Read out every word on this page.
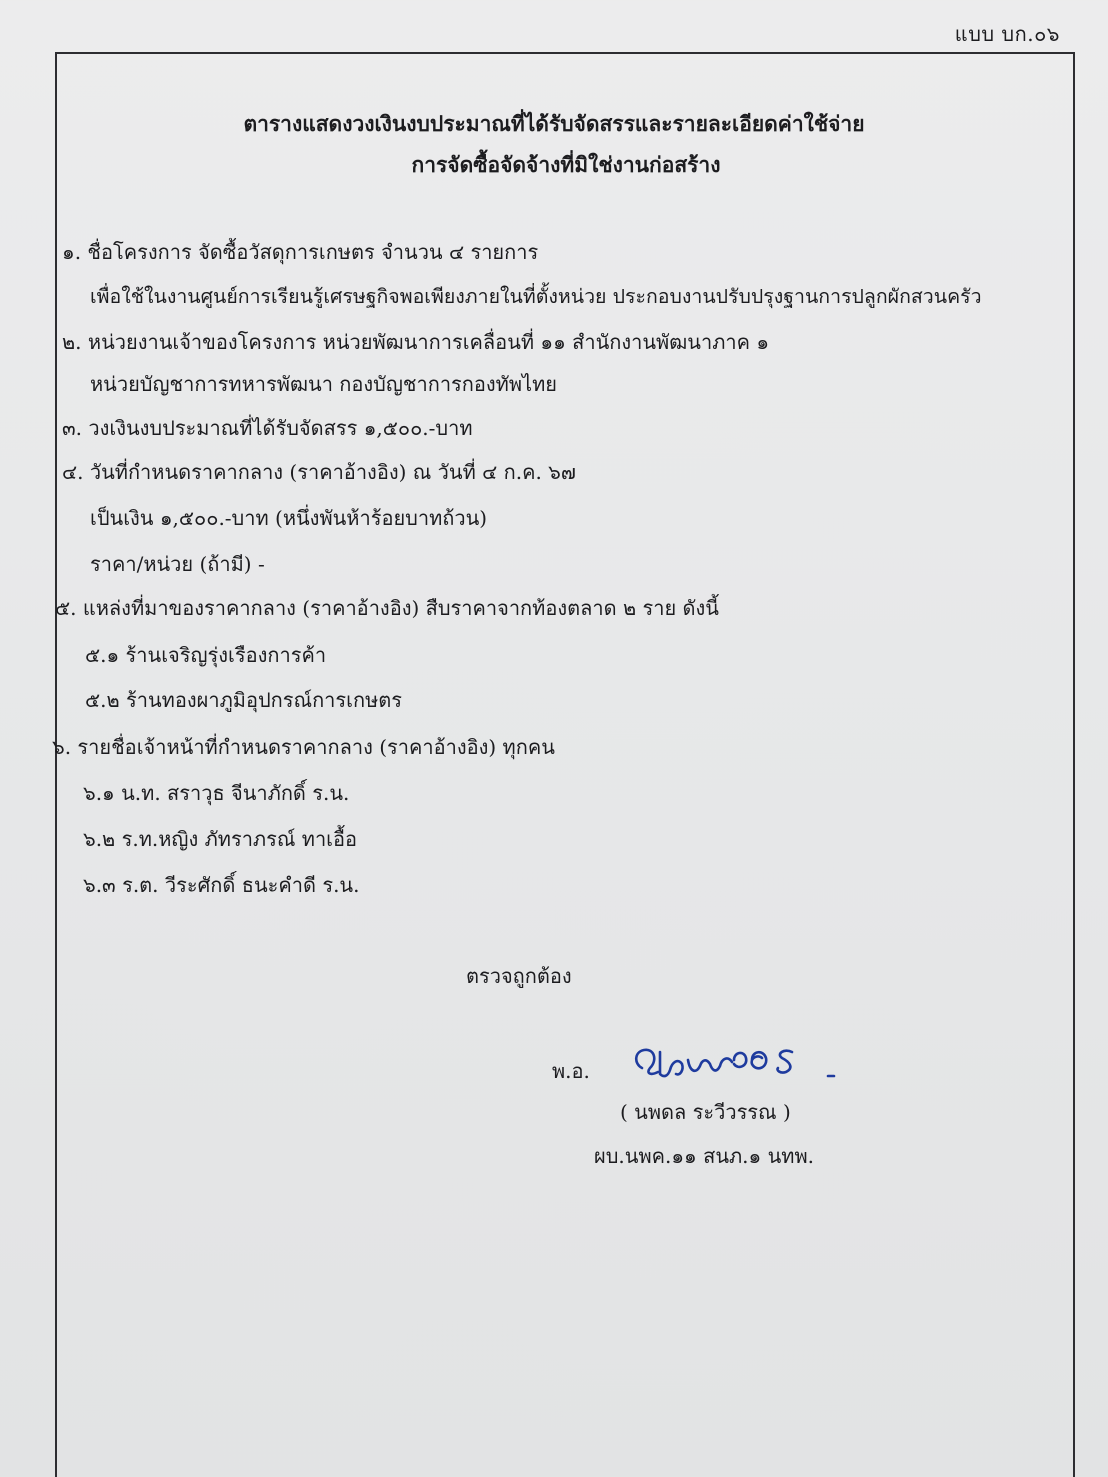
แบบ บก.๐๖
ตารางแสดงวงเงินงบประมาณที่ได้รับจัดสรรและรายละเอียดค่าใช้จ่าย
การจัดซื้อจัดจ้างที่มิใช่งานก่อสร้าง
๑. ชื่อโครงการ จัดซื้อวัสดุการเกษตร จำนวน ๔ รายการ
เพื่อใช้ในงานศูนย์การเรียนรู้เศรษฐกิจพอเพียงภายในที่ตั้งหน่วย ประกอบงานปรับปรุงฐานการปลูกผักสวนครัว
๒. หน่วยงานเจ้าของโครงการ หน่วยพัฒนาการเคลื่อนที่ ๑๑ สำนักงานพัฒนาภาค ๑
หน่วยบัญชาการทหารพัฒนา กองบัญชาการกองทัพไทย
๓. วงเงินงบประมาณที่ได้รับจัดสรร ๑,๕๐๐.-บาท
๔. วันที่กำหนดราคากลาง (ราคาอ้างอิง) ณ วันที่ ๔ ก.ค. ๖๗
เป็นเงิน ๑,๕๐๐.-บาท (หนึ่งพันห้าร้อยบาทถ้วน)
ราคา/หน่วย (ถ้ามี) -
๕. แหล่งที่มาของราคากลาง (ราคาอ้างอิง) สืบราคาจากท้องตลาด ๒ ราย ดังนี้
๕.๑ ร้านเจริญรุ่งเรืองการค้า
๕.๒ ร้านทองผาภูมิอุปกรณ์การเกษตร
๖. รายชื่อเจ้าหน้าที่กำหนดราคากลาง (ราคาอ้างอิง) ทุกคน
๖.๑ น.ท. สราวุธ จีนาภักดิ์ ร.น.
๖.๒ ร.ท.หญิง ภัทราภรณ์ ทาเอื้อ
๖.๓ ร.ต. วีระศักดิ์ ธนะคำดี ร.น.
ตรวจถูกต้อง
พ.อ.
( นพดล ระวีวรรณ )
ผบ.นพค.๑๑ สนภ.๑ นทพ.
